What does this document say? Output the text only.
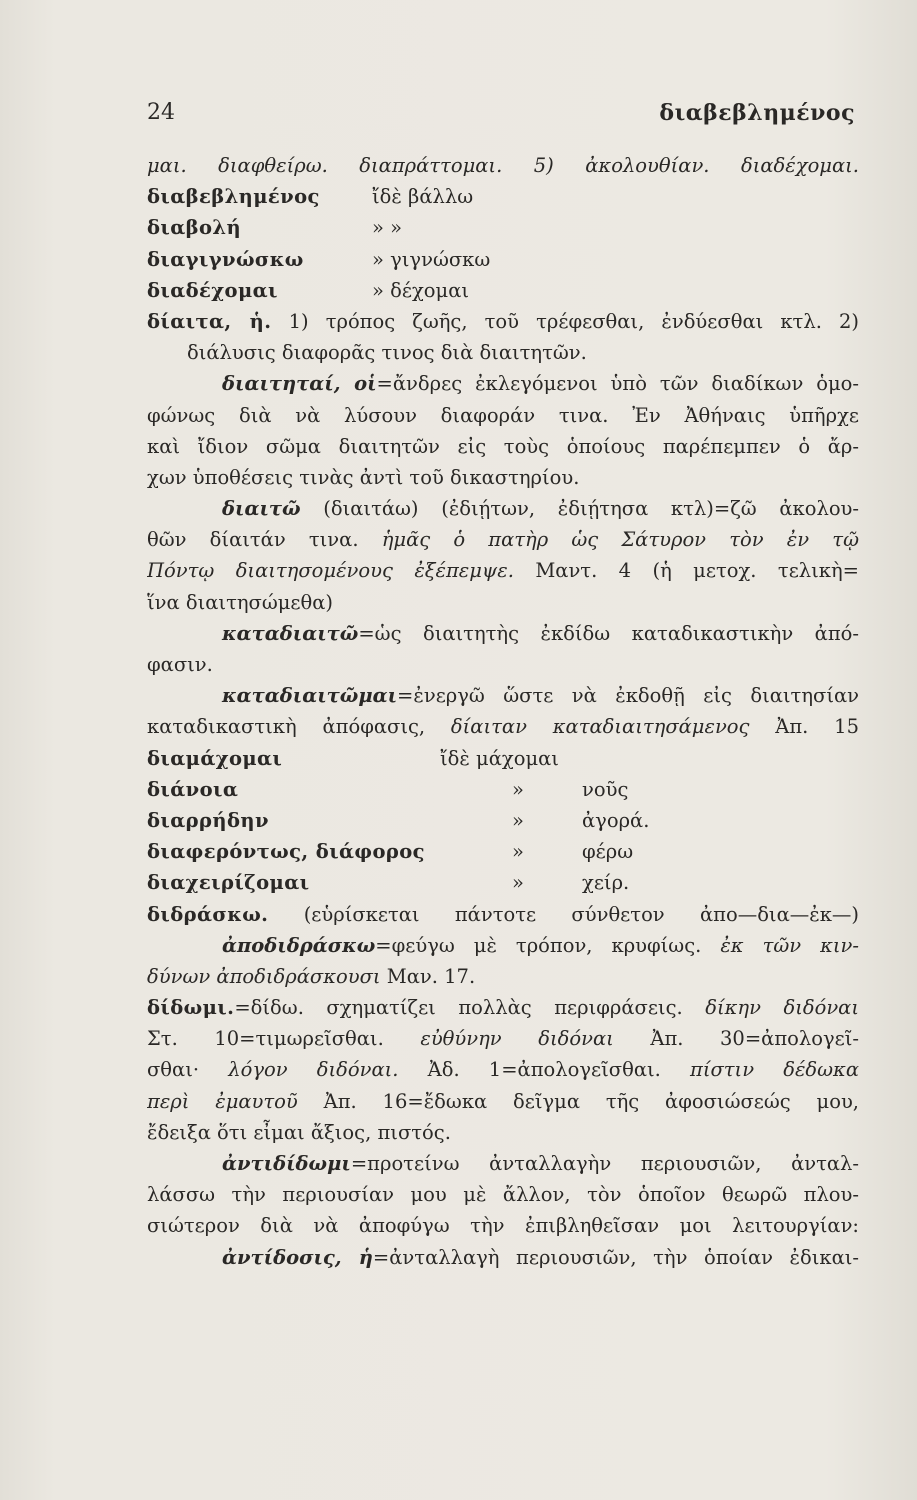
24	διαβεβλημένος
μαι. διαφθείρω. διαπράττομαι. 5) ἀκολουθίαν. διαδέχομαι.
διαβεβλημένος	ἴδὲ βάλλω
διαβολή	» »
διαγιγνώσκω	» γιγνώσκω
διαδέχομαι	» δέχομαι
δίαιτα, ἡ. 1) τρόπος ζωῆς, τοῦ τρέφεσθαι, ἐνδύεσθαι κτλ. 2)
διάλυσις διαφορᾶς τινος διὰ διαιτητῶν.
διαιτηταί, οἱ=ἄνδρες ἐκλεγόμενοι ὑπὸ τῶν διαδίκων ὁμο-
φώνως διὰ νὰ λύσουν διαφοράν τινα. Ἐν Ἀθήναις ὑπῆρχε
καὶ ἴδιον σῶμα διαιτητῶν εἰς τοὺς ὁποίους παρέπεμπεν ὁ ἄρ-
χων ὑποθέσεις τινὰς ἀντὶ τοῦ δικαστηρίου.
διαιτῶ (διαιτάω) (ἐδιῄτων, ἐδιῄτησα κτλ)=ζῶ ἀκολου-
θῶν δίαιτάν τινα. ἡμᾶς ὁ πατὴρ ὡς Σάτυρον τὸν ἐν τῷ
Πόντῳ διαιτησομένους ἐξέπεμψε. Μαντ. 4 (ἡ μετοχ. τελικὴ=
ἵνα διαιτησώμεθα)
καταδιαιτῶ=ὡς διαιτητὴς ἐκδίδω καταδικαστικὴν ἀπό-
φασιν.
καταδιαιτῶμαι=ἐνεργῶ ὥστε νὰ ἐκδοθῇ εἰς διαιτησίαν
καταδικαστικὴ ἀπόφασις, δίαιταν καταδιαιτησάμενος Ἀπ. 15
διαμάχομαι	ἴδὲ μάχομαι
διάνοια	»	νοῦς
διαρρήδην	»	ἀγορά.
διαφερόντως, διάφορος	»	φέρω
διαχειρίζομαι	»	χείρ.
διδράσκω. (εὑρίσκεται πάντοτε σύνθετον ἀπο—δια—ἐκ—)
ἀποδιδράσκω=φεύγω μὲ τρόπον, κρυφίως. ἐκ τῶν κιν-
δύνων ἀποδιδράσκουσι Μαν. 17.
δίδωμι.=δίδω. σχηματίζει πολλὰς περιφράσεις. δίκην διδόναι
Στ. 10=τιμωρεῖσθαι. εὐθύνην διδόναι Ἀπ. 30=ἀπολογεῖ-
σθαι· λόγον διδόναι. Ἀδ. 1=ἀπολογεῖσθαι. πίστιν δέδωκα
περὶ ἐμαυτοῦ Ἀπ. 16=ἔδωκα δεῖγμα τῆς ἀφοσιώσεώς μου,
ἔδειξα ὅτι εἶμαι ἄξιος, πιστός.
ἀντιδίδωμι=προτείνω ἀνταλλαγὴν περιουσιῶν, ἀνταλ-
λάσσω τὴν περιουσίαν μου μὲ ἄλλον, τὸν ὁποῖον θεωρῶ πλου-
σιώτερον διὰ νὰ ἀποφύγω τὴν ἐπιβληθεῖσαν μοι λειτουργίαν:
ἀντίδοσις, ἡ=ἀνταλλαγὴ περιουσιῶν, τὴν ὁποίαν ἐδικαι-
